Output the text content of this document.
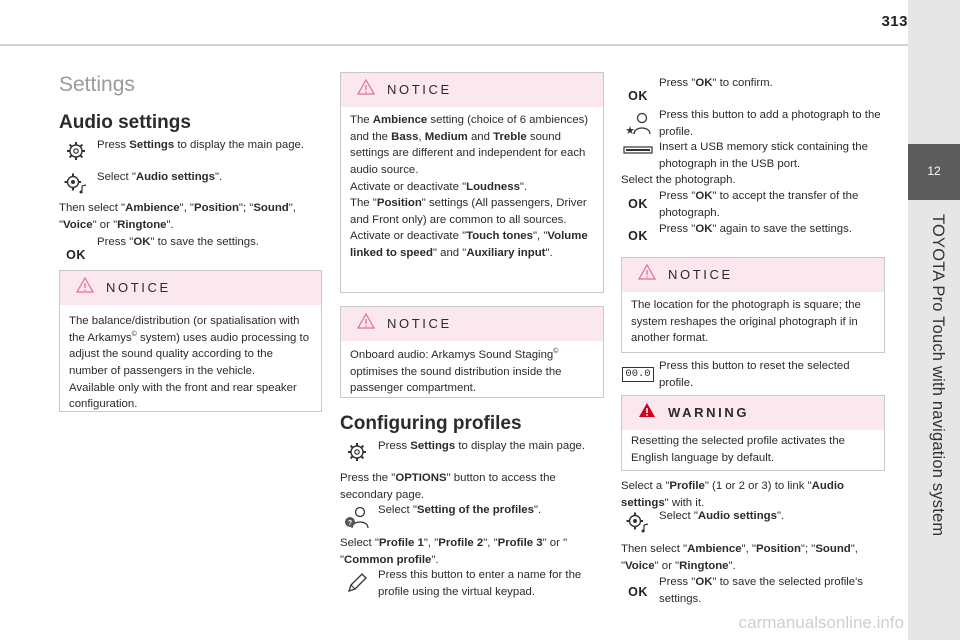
313
12
TOYOTA Pro Touch with navigation system
Settings
Audio settings
Press Settings to display the main page.
Select "Audio settings".
Then select "Ambience", "Position"; "Sound",
"Voice" or "Ringtone".
OK
Press "OK" to save the settings.
NOTICE
The balance/distribution (or spatialisation with the Arkamys© system) uses audio processing to adjust the sound quality according to the number of passengers in the vehicle.
Available only with the front and rear speaker configuration.
NOTICE
The Ambience setting (choice of 6 ambiences) and the Bass, Medium and Treble sound settings are different and independent for each audio source.
Activate or deactivate "Loudness".
The "Position" settings (All passengers, Driver and Front only) are common to all sources.
Activate or deactivate "Touch tones", "Volume linked to speed" and "Auxiliary input".
NOTICE
Onboard audio: Arkamys Sound Staging© optimises the sound distribution inside the passenger compartment.
Configuring profiles
Press Settings to display the main page.
Press the "OPTIONS" button to access the secondary page.
?
Select "Setting of the profiles".
Select "Profile 1", "Profile 2", "Profile 3" or "
"Common profile".
Press this button to enter a name for the profile using the virtual keypad.
OK
Press "OK" to confirm.
★
Press this button to add a photograph to the profile.
Insert a USB memory stick containing the photograph in the USB port.
Select the photograph.
OK
Press "OK" to accept the transfer of the photograph.
OK Press "OK" again to save the settings.
NOTICE
The location for the photograph is square; the system reshapes the original photograph if in another format.
00.0
Press this button to reset the selected profile.
WARNING
Resetting the selected profile activates the English language by default.
Select a "Profile" (1 or 2 or 3) to link "Audio settings" with it.
Select "Audio settings".
Then select "Ambience", "Position"; "Sound",
"Voice" or "Ringtone".
OK
Press "OK" to save the selected profile's settings.
carmanualsonline.info
